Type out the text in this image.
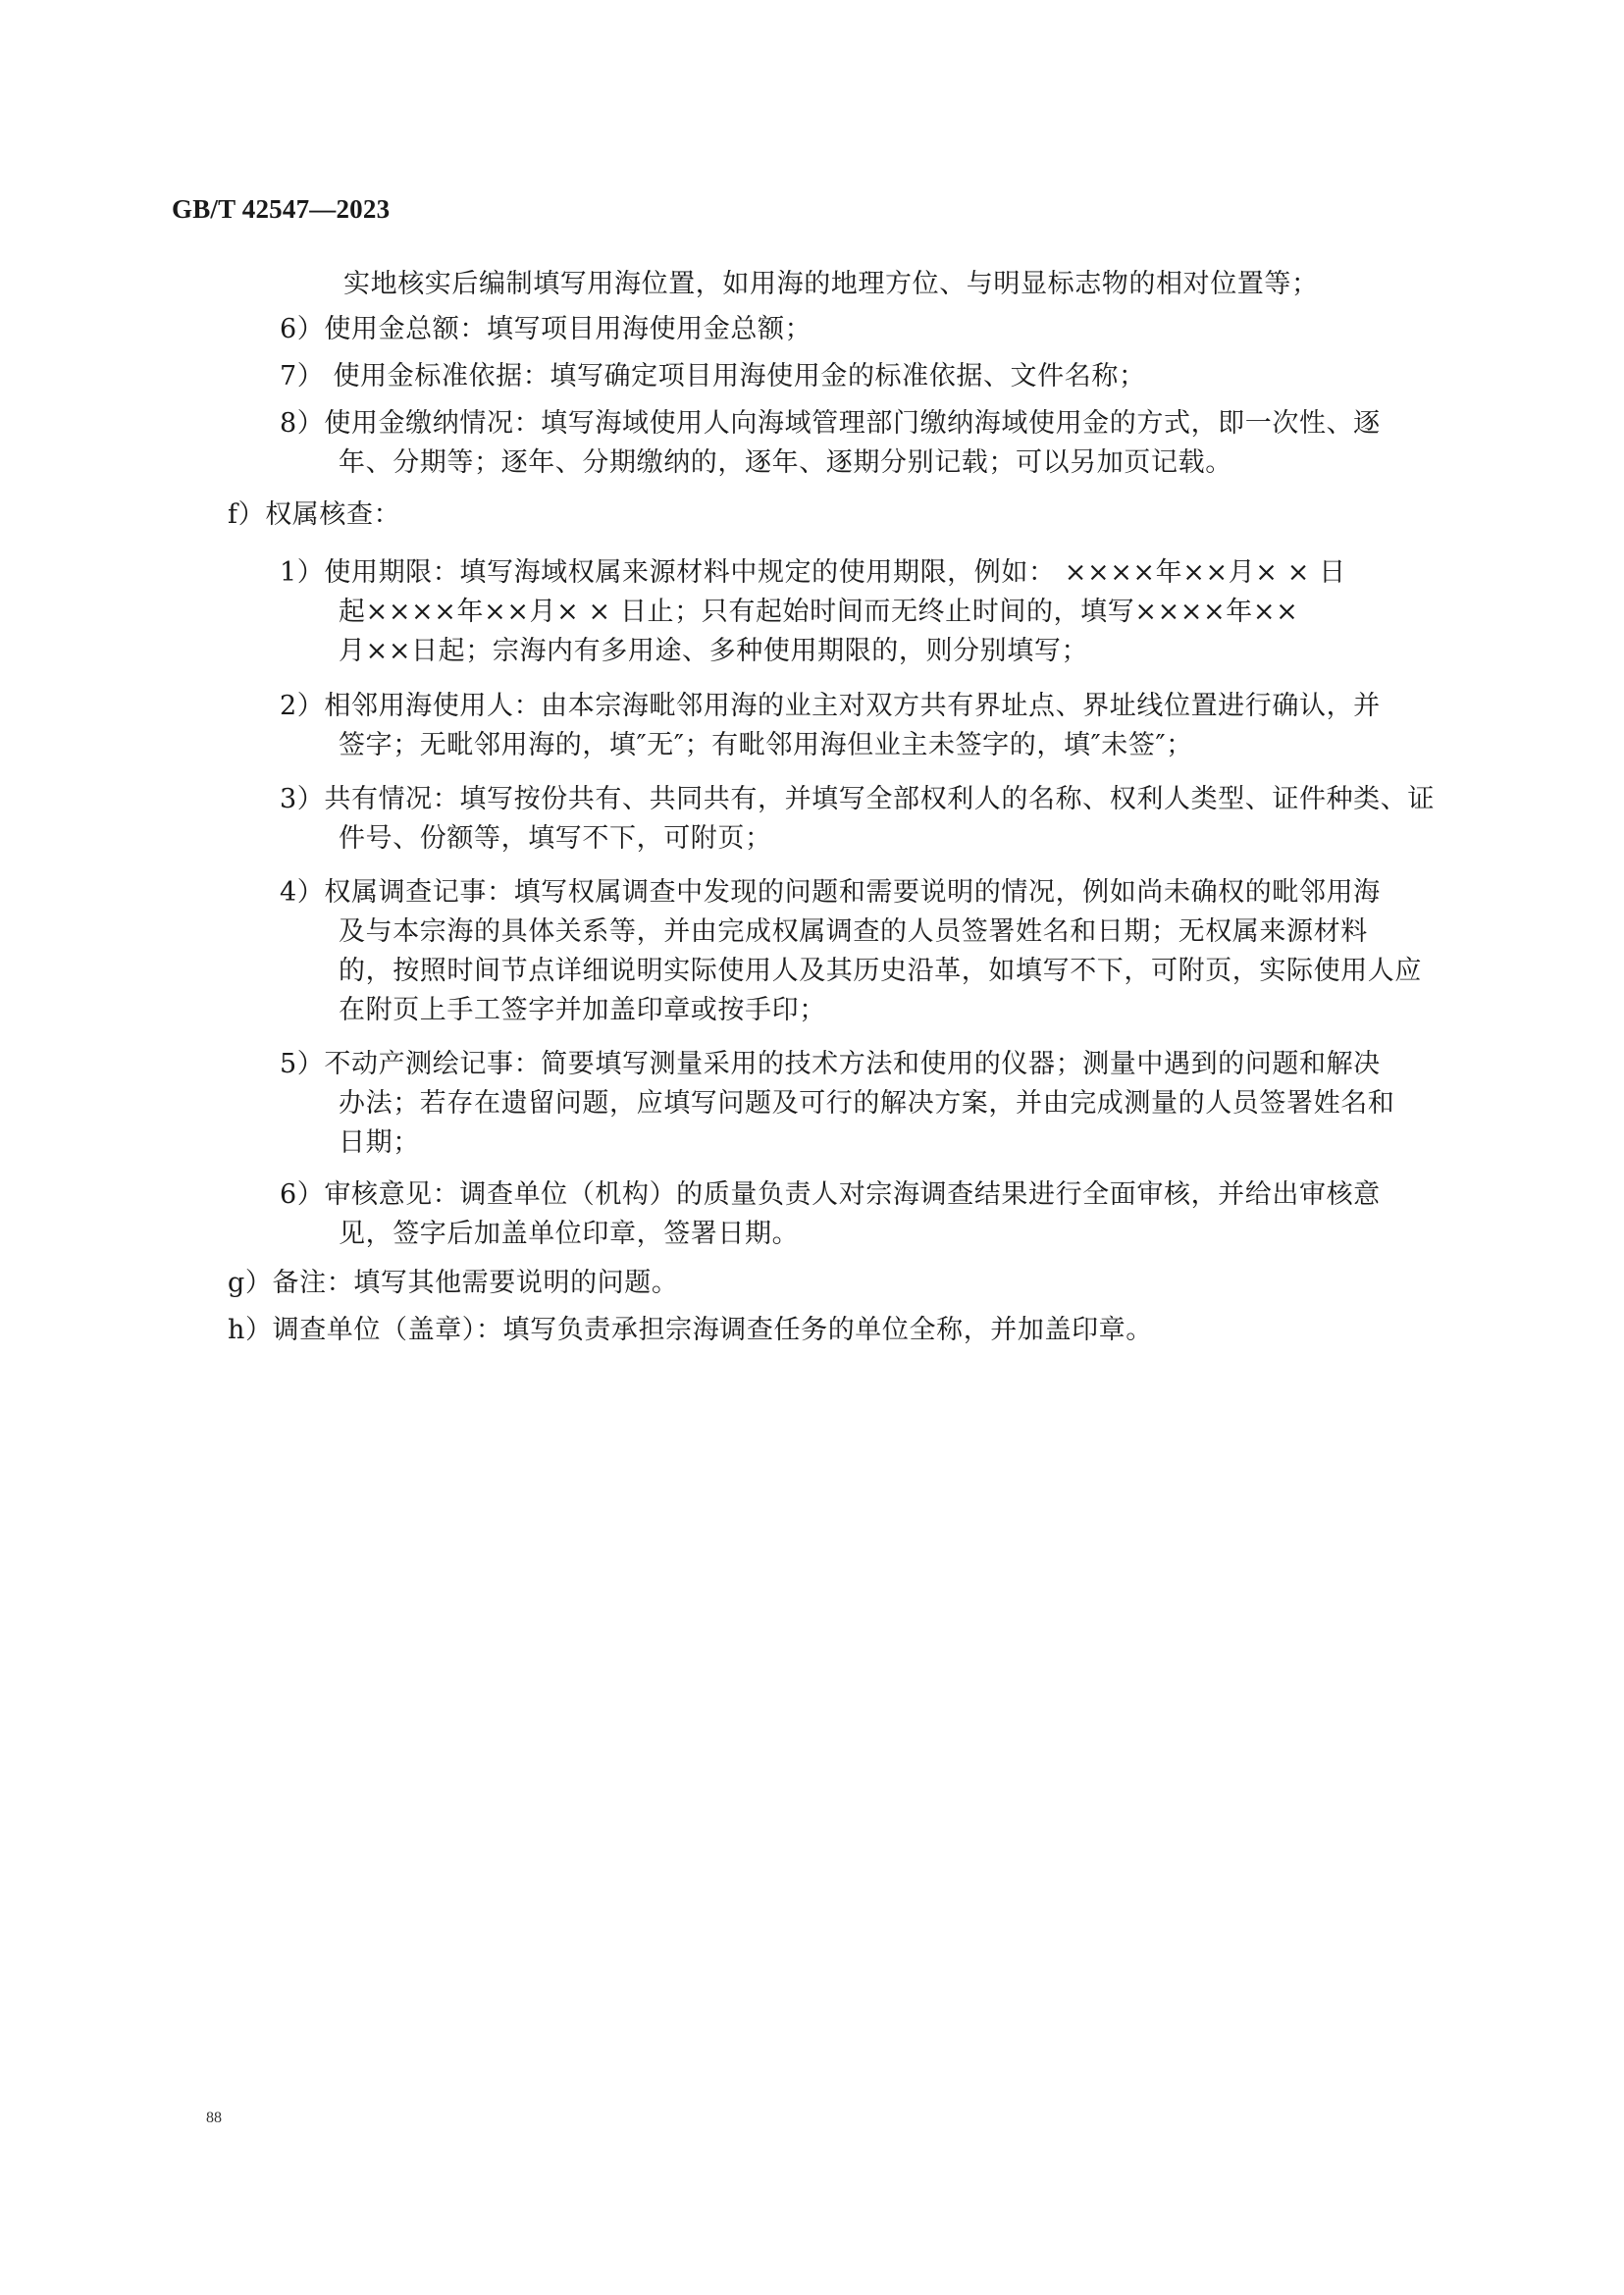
GB/T 42547—2023
实地核实后编制填写用海位置，如用海的地理方位、与明显标志物的相对位置等；
6）使用金总额：填写项目用海使用金总额；
7） 使用金标准依据：填写确定项目用海使用金的标准依据、文件名称；
8）使用金缴纳情况：填写海域使用人向海域管理部门缴纳海域使用金的方式，即一次性、逐
年、分期等；逐年、分期缴纳的，逐年、逐期分别记载；可以另加页记载。
f）权属核查：
1）使用期限：填写海域权属来源材料中规定的使用期限，例如： ××××年××月× × 日
起××××年××月× × 日止；只有起始时间而无终止时间的，填写××××年××
月××日起；宗海内有多用途、多种使用期限的，则分别填写；
2）相邻用海使用人：由本宗海毗邻用海的业主对双方共有界址点、界址线位置进行确认，并
签字；无毗邻用海的，填″无″；有毗邻用海但业主未签字的，填″未签″；
3）共有情况：填写按份共有、共同共有，并填写全部权利人的名称、权利人类型、证件种类、证
件号、份额等，填写不下，可附页；
4）权属调查记事：填写权属调查中发现的问题和需要说明的情况，例如尚未确权的毗邻用海
及与本宗海的具体关系等，并由完成权属调查的人员签署姓名和日期；无权属来源材料
的，按照时间节点详细说明实际使用人及其历史沿革，如填写不下，可附页，实际使用人应
在附页上手工签字并加盖印章或按手印；
5）不动产测绘记事：简要填写测量采用的技术方法和使用的仪器；测量中遇到的问题和解决
办法；若存在遗留问题，应填写问题及可行的解决方案，并由完成测量的人员签署姓名和
日期；
6）审核意见：调查单位（机构）的质量负责人对宗海调查结果进行全面审核，并给出审核意
见，签字后加盖单位印章，签署日期。
g）备注：填写其他需要说明的问题。
h）调查单位（盖章）：填写负责承担宗海调查任务的单位全称，并加盖印章。
88
